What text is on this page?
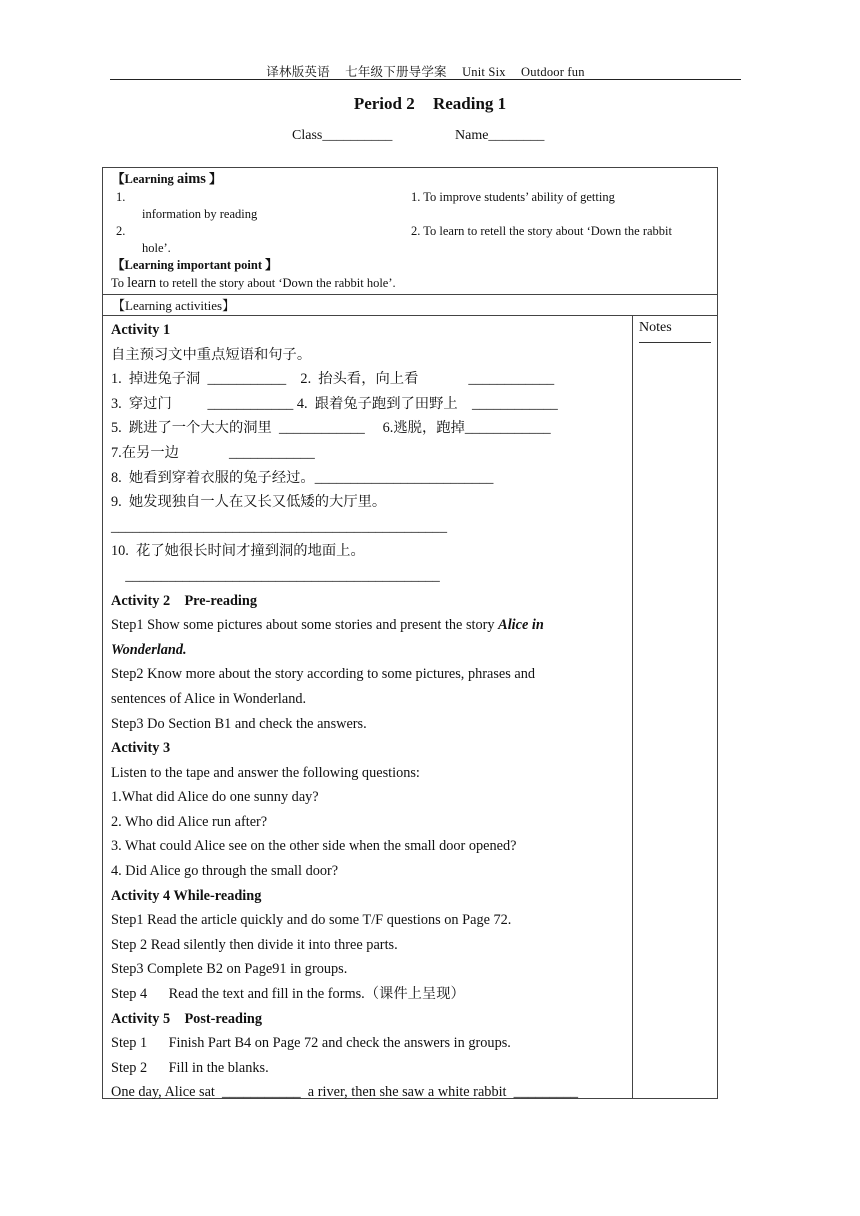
译林版英语 七年级下册导学案 Unit Six Outdoor fun
Period 2 Reading 1
Class__________	Name________
【Learning aims 】
1.	1. To improve students’ ability of getting
information by reading
2.	2. To learn to retell the story about ‘Down the rabbit
hole’.
【Learning important point 】
To learn to retell the story about ‘Down the rabbit hole’.
【Learning activities】
Activity 1
自主预习文中重点短语和句子。
1.  掉进兔子洞  ___________    2.  抬头看，向上看              ____________
3.  穿过门          ____________ 4.  跟着兔子跑到了田野上    ____________
5.  跳进了一个大大的洞里  ____________     6.逃脱，跑掉____________
7.在另一边              ____________
8.  她看到穿着衣服的兔子经过。_________________________
9.  她发现独自一人在又长又低矮的大厅里。
_______________________________________________
10.  花了她很长时间才撞到洞的地面上。
____________________________________________
Activity 2    Pre-reading
Step1 Show some pictures about some stories and present the story Alice in
Wonderland.
Step2 Know more about the story according to some pictures, phrases and
sentences of Alice in Wonderland.
Step3 Do Section B1 and check the answers.
Activity 3
Listen to the tape and answer the following questions:
1.What did Alice do one sunny day?
2. Who did Alice run after?
3. What could Alice see on the other side when the small door opened?
4. Did Alice go through the small door?
Activity 4 While-reading
Step1 Read the article quickly and do some T/F questions on Page 72.
Step 2 Read silently then divide it into three parts.
Step3 Complete B2 on Page91 in groups.
Step 4      Read the text and fill in the forms.（课件上呈现）
Activity 5    Post-reading
Step 1      Finish Part B4 on Page 72 and check the answers in groups.
Step 2      Fill in the blanks.
One day, Alice sat  ___________  a river, then she saw a white rabbit  _________
Notes
